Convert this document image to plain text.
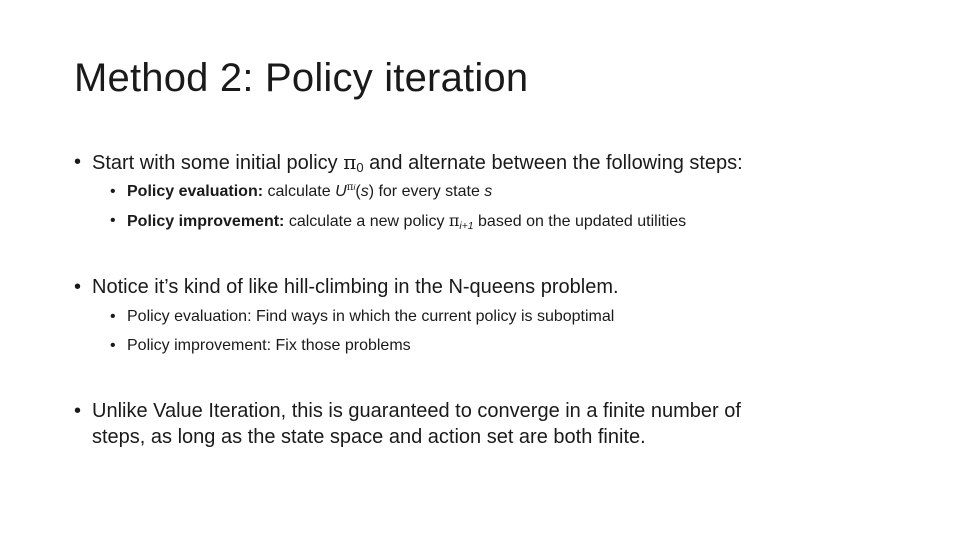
Method 2: Policy iteration
• Start with some initial policy $\pi_0$ and alternate between the following steps:
• Policy evaluation: calculate $U^{\pi i}(s)$ for every state s
• Policy improvement: calculate a new policy $\pi_{i+1}$ based on the updated utilities
• Notice it’s kind of like hill-climbing in the N-queens problem.
• Policy evaluation: Find ways in which the current policy is suboptimal
• Policy improvement: Fix those problems
• Unlike Value Iteration, this is guaranteed to converge in a finite number of
steps, as long as the state space and action set are both finite.
